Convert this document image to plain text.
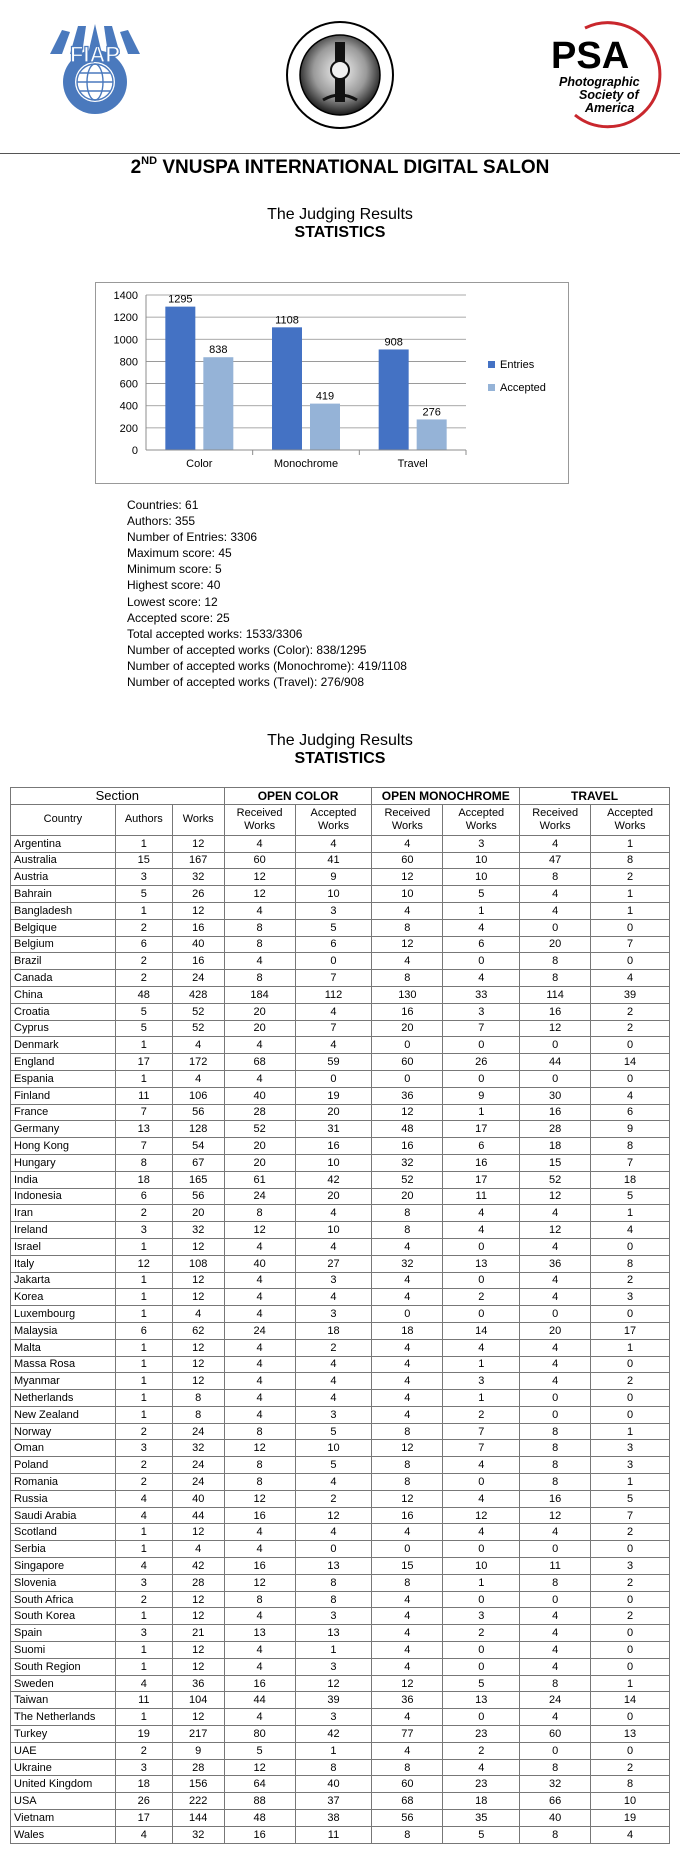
FIAP	PSA
Photographic
Society of
America
2ND VNUSPA INTERNATIONAL DIGITAL SALON
The Judging Results
STATISTICS
0
200
400
600
800
1000
1200
1400
Color
1295
838
Monochrome
1108
419
Travel
908
276
Entries
Accepted
Countries: 61
Authors: 355
Number of Entries: 3306
Maximum score: 45
Minimum score: 5
Highest score: 40
Lowest score: 12
Accepted score: 25
Total accepted works: 1533/3306
Number of accepted works (Color): 838/1295
Number of accepted works (Monochrome): 419/1108
Number of accepted works (Travel): 276/908
The Judging Results
STATISTICS
Section			OPEN COLOR		OPEN MONOCHROME		TRAVEL	
Country	Authors	Works	Received Works	Accepted Works	Received Works	Accepted Works	Received Works	Accepted Works
Argentina	1	12	4	4	4	3	4	1
Australia	15	167	60	41	60	10	47	8
Austria	3	32	12	9	12	10	8	2
Bahrain	5	26	12	10	10	5	4	1
Bangladesh	1	12	4	3	4	1	4	1
Belgique	2	16	8	5	8	4	0	0
Belgium	6	40	8	6	12	6	20	7
Brazil	2	16	4	0	4	0	8	0
Canada	2	24	8	7	8	4	8	4
China	48	428	184	112	130	33	114	39
Croatia	5	52	20	4	16	3	16	2
Cyprus	5	52	20	7	20	7	12	2
Denmark	1	4	4	4	0	0	0	0
England	17	172	68	59	60	26	44	14
Espania	1	4	4	0	0	0	0	0
Finland	11	106	40	19	36	9	30	4
France	7	56	28	20	12	1	16	6
Germany	13	128	52	31	48	17	28	9
Hong Kong	7	54	20	16	16	6	18	8
Hungary	8	67	20	10	32	16	15	7
India	18	165	61	42	52	17	52	18
Indonesia	6	56	24	20	20	11	12	5
Iran	2	20	8	4	8	4	4	1
Ireland	3	32	12	10	8	4	12	4
Israel	1	12	4	4	4	0	4	0
Italy	12	108	40	27	32	13	36	8
Jakarta	1	12	4	3	4	0	4	2
Korea	1	12	4	4	4	2	4	3
Luxembourg	1	4	4	3	0	0	0	0
Malaysia	6	62	24	18	18	14	20	17
Malta	1	12	4	2	4	4	4	1
Massa Rosa	1	12	4	4	4	1	4	0
Myanmar	1	12	4	4	4	3	4	2
Netherlands	1	8	4	4	4	1	0	0
New Zealand	1	8	4	3	4	2	0	0
Norway	2	24	8	5	8	7	8	1
Oman	3	32	12	10	12	7	8	3
Poland	2	24	8	5	8	4	8	3
Romania	2	24	8	4	8	0	8	1
Russia	4	40	12	2	12	4	16	5
Saudi Arabia	4	44	16	12	16	12	12	7
Scotland	1	12	4	4	4	4	4	2
Serbia	1	4	4	0	0	0	0	0
Singapore	4	42	16	13	15	10	11	3
Slovenia	3	28	12	8	8	1	8	2
South Africa	2	12	8	8	4	0	0	0
South Korea	1	12	4	3	4	3	4	2
Spain	3	21	13	13	4	2	4	0
Suomi	1	12	4	1	4	0	4	0
South Region	1	12	4	3	4	0	4	0
Sweden	4	36	16	12	12	5	8	1
Taiwan	11	104	44	39	36	13	24	14
The Netherlands	1	12	4	3	4	0	4	0
Turkey	19	217	80	42	77	23	60	13
UAE	2	9	5	1	4	2	0	0
Ukraine	3	28	12	8	8	4	8	2
United Kingdom	18	156	64	40	60	23	32	8
USA	26	222	88	37	68	18	66	10
Vietnam	17	144	48	38	56	35	40	19
Wales	4	32	16	11	8	5	8	4
